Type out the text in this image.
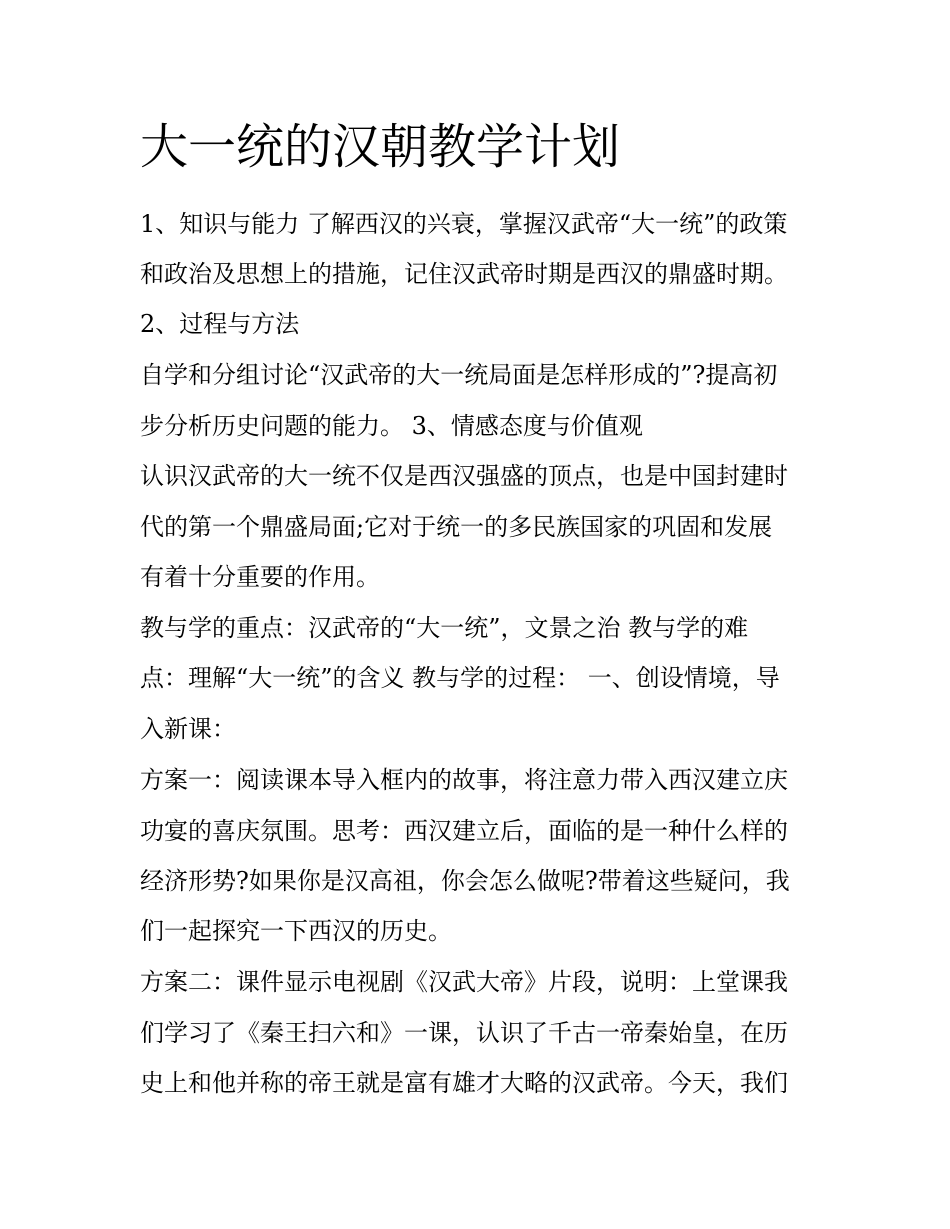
大一统的汉朝教学计划

1、知识与能力 了解西汉的兴衰，掌握汉武帝“大一统”的政策

和政治及思想上的措施，记住汉武帝时期是西汉的鼎盛时期。

2、过程与方法

自学和分组讨论“汉武帝的大一统局面是怎样形成的”?提高初

步分析历史问题的能力。 3、情感态度与价值观

认识汉武帝的大一统不仅是西汉强盛的顶点，也是中国封建时

代的第一个鼎盛局面;它对于统一的多民族国家的巩固和发展

有着十分重要的作用。

教与学的重点：汉武帝的“大一统”，文景之治 教与学的难

点：理解“大一统”的含义 教与学的过程： 一、创设情境，导

入新课：

方案一：阅读课本导入框内的故事，将注意力带入西汉建立庆

功宴的喜庆氛围。思考：西汉建立后，面临的是一种什么样的

经济形势?如果你是汉高祖，你会怎么做呢?带着这些疑问，我

们一起探究一下西汉的历史。

方案二：课件显示电视剧《汉武大帝》片段，说明：上堂课我

们学习了《秦王扫六和》一课，认识了千古一帝秦始皇，在历

史上和他并称的帝王就是富有雄才大略的汉武帝。今天，我们
